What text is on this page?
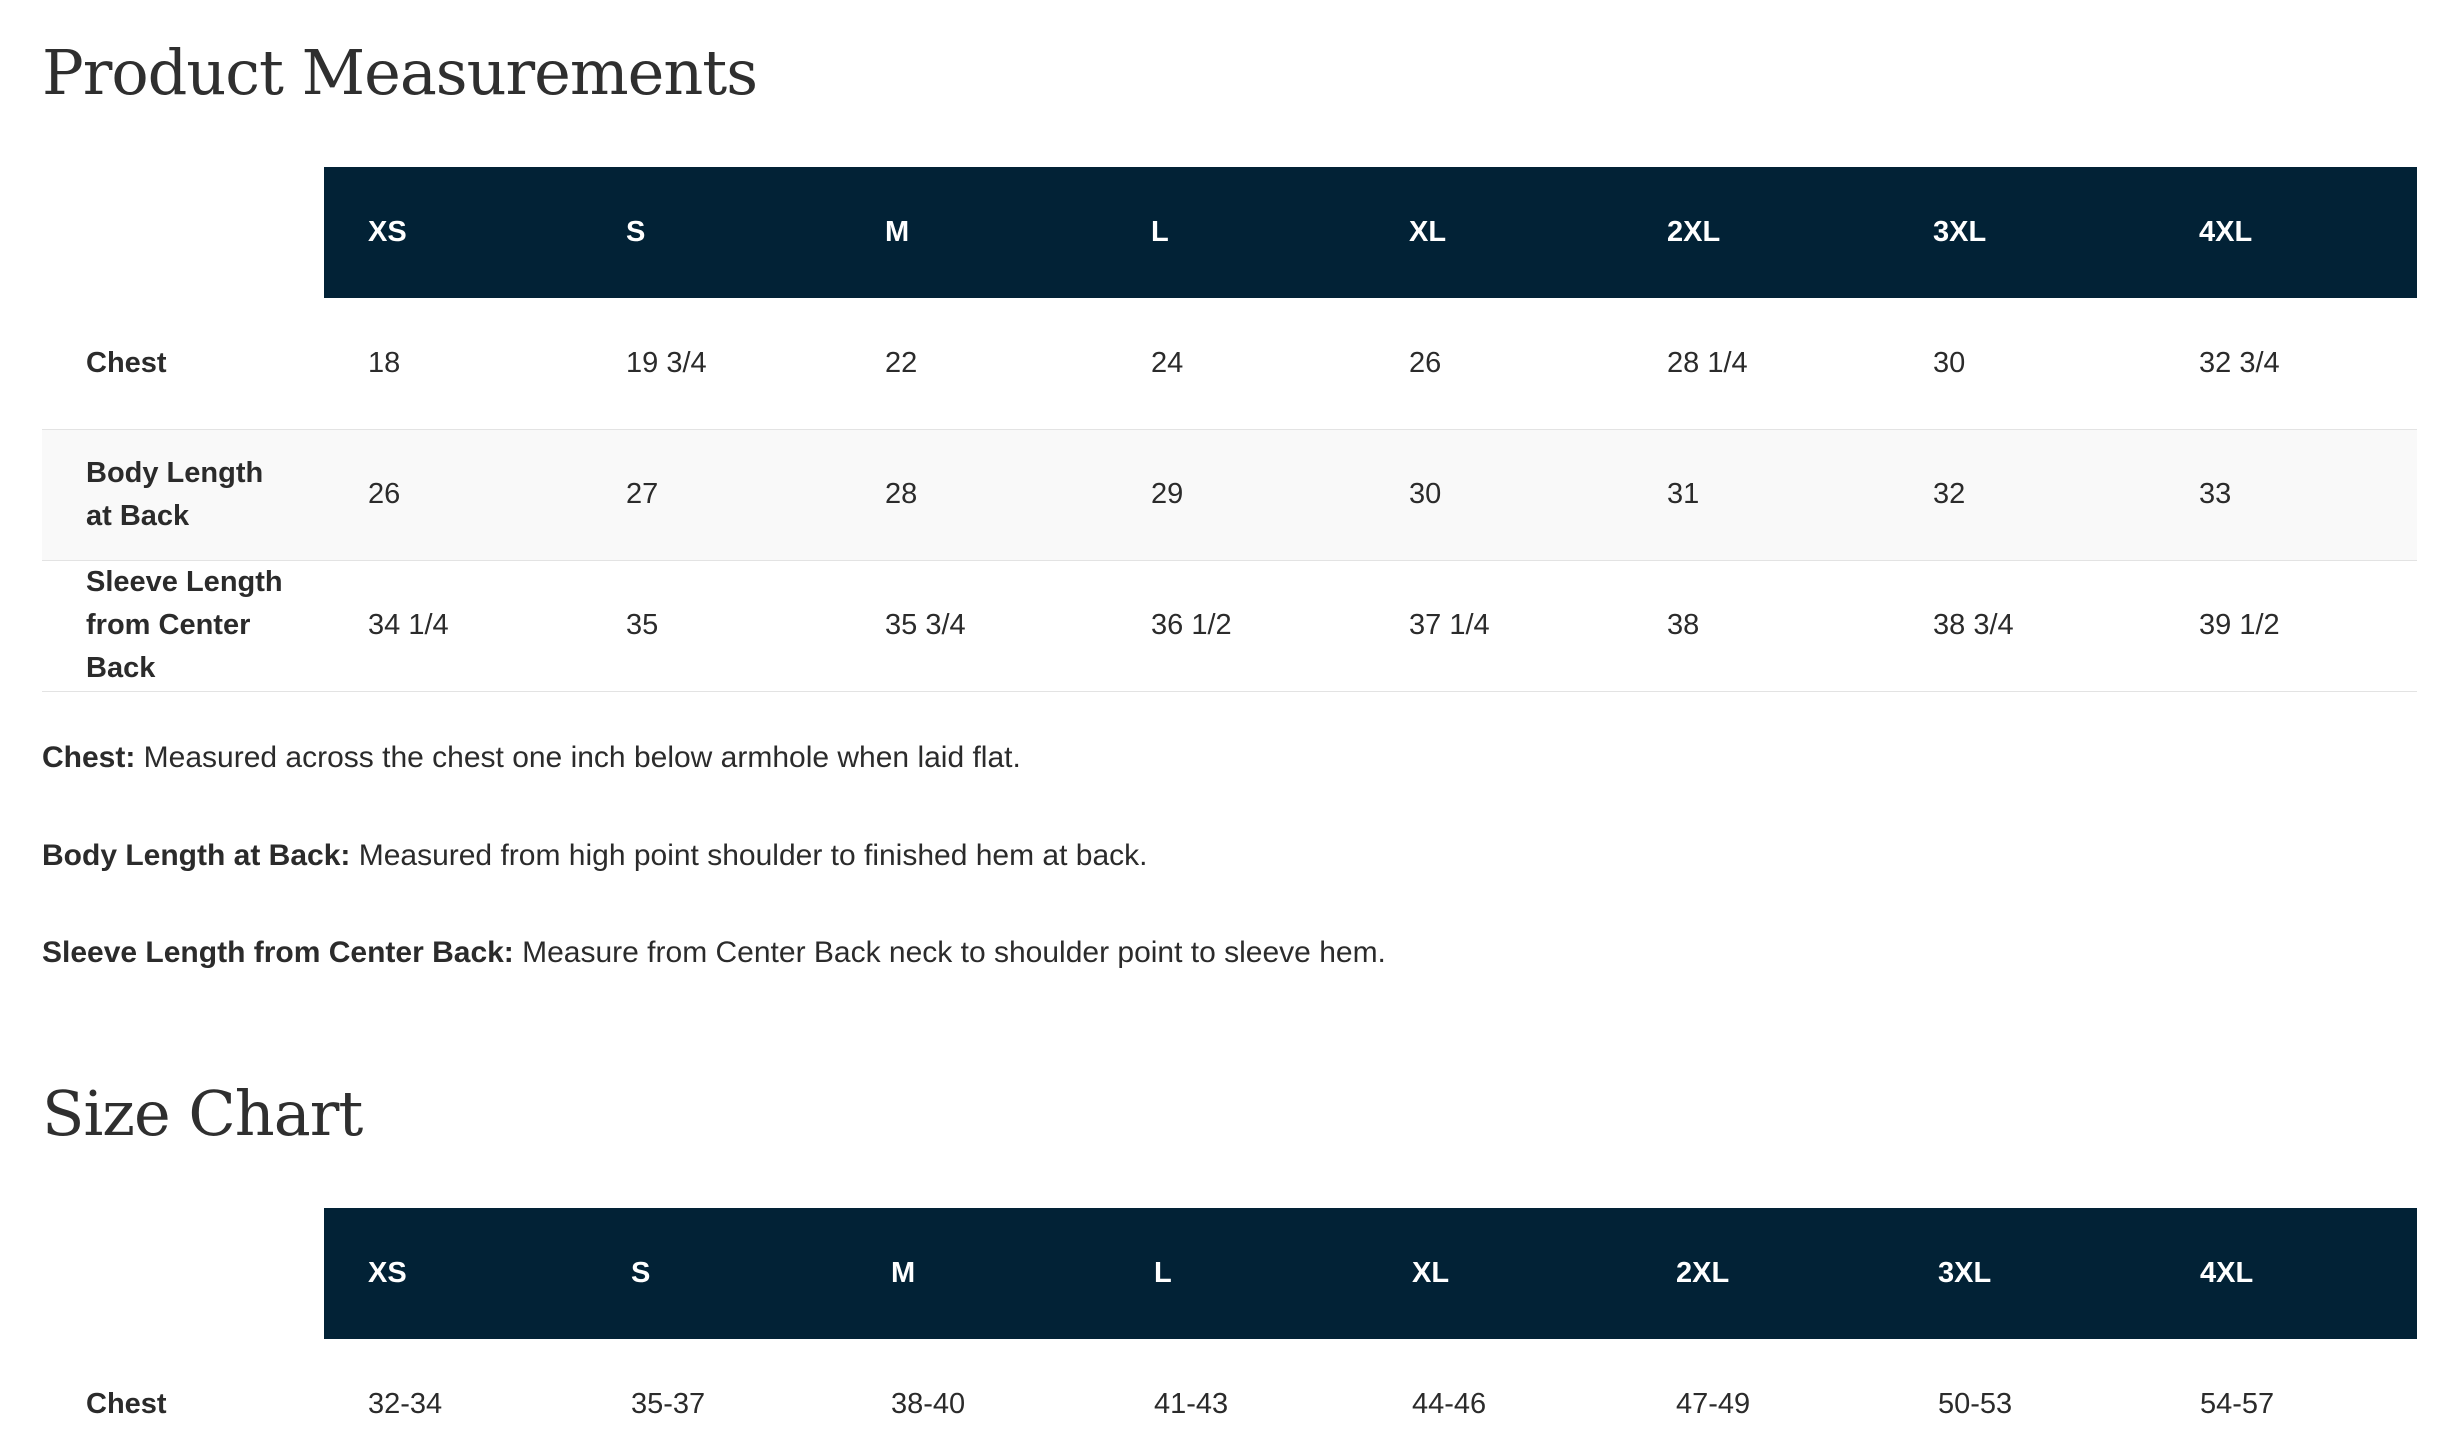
Product Measurements
	XS	S	M	L	XL	2XL	3XL	4XL
Chest	18	19 3/4	22	24	26	28 1/4	30	32 3/4
Body Length at Back	26	27	28	29	30	31	32	33
Sleeve Length from Center Back	34 1/4	35	35 3/4	36 1/2	37 1/4	38	38 3/4	39 1/2

Chest: Measured across the chest one inch below armhole when laid flat.

Body Length at Back: Measured from high point shoulder to finished hem at back.

Sleeve Length from Center Back: Measure from Center Back neck to shoulder point to sleeve hem.

Size Chart
	XS	S	M	L	XL	2XL	3XL	4XL
Chest	32-34	35-37	38-40	41-43	44-46	47-49	50-53	54-57
